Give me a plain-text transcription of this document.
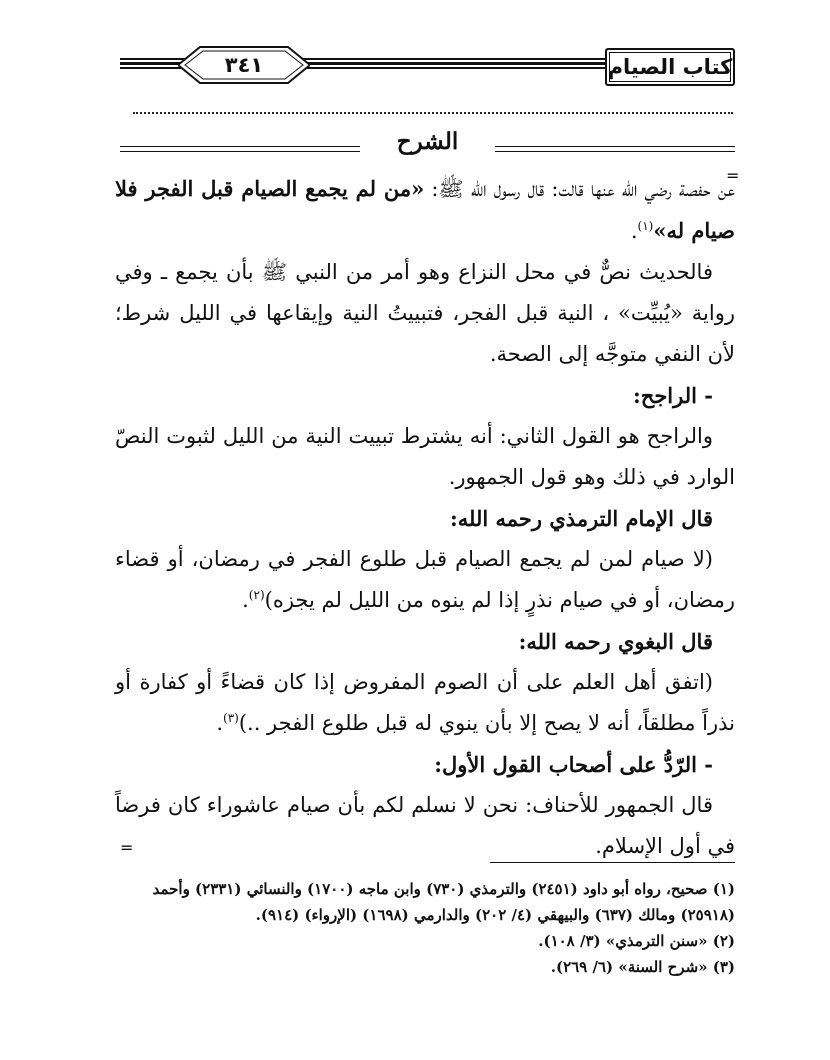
٣٤١	كتاب الصيام
الشرح
=

عن حفصة رضي الله عنها قالت: قال رسول الله ﷺ: «من لم يجمع الصيام قبل الفجر فلا صيام له»$^{(١)}$.

فالحديث نصٌّ في محل النزاع وهو أمر من النبي ﷺ بأن يجمع ـ وفي رواية «يُبيِّت» ، النية قبل الفجر، فتبييتُ النية وإيقاعها في الليل شرط؛ لأن النفي متوجَّه إلى الصحة.

- الراجح:

والراجح هو القول الثاني: أنه يشترط تبييت النية من الليل لثبوت النصّ الوارد في ذلك وهو قول الجمهور.

قال الإمام الترمذي رحمه الله:

(لا صيام لمن لم يجمع الصيام قبل طلوع الفجر في رمضان، أو قضاء رمضان، أو في صيام نذرٍ إذا لم ينوه من الليل لم يجزه)$^{(٢)}$.

قال البغوي رحمه الله:

(اتفق أهل العلم على أن الصوم المفروض إذا كان قضاءً أو كفارة أو نذراً مطلقاً، أنه لا يصح إلا بأن ينوي له قبل طلوع الفجر ..)$^{(٣)}$.

- الرّدُّ على أصحاب القول الأول:

قال الجمهور للأحناف: نحن لا نسلم لكم بأن صيام عاشوراء كان فرضاً في أول الإسلام.

=

(١) صحيح، رواه أبو داود (٢٤٥١) والترمذي (٧٣٠) وابن ماجه (١٧٠٠) والنسائي (٢٣٣١) وأحمد (٢٥٩١٨) ومالك (٦٣٧) والبيهقي (٤/ ٢٠٢) والدارمي (١٦٩٨) (الإرواء) (٩١٤).

(٢) «سنن الترمذي» (٣/ ١٠٨).

(٣) «شرح السنة» (٦/ ٢٦٩).
